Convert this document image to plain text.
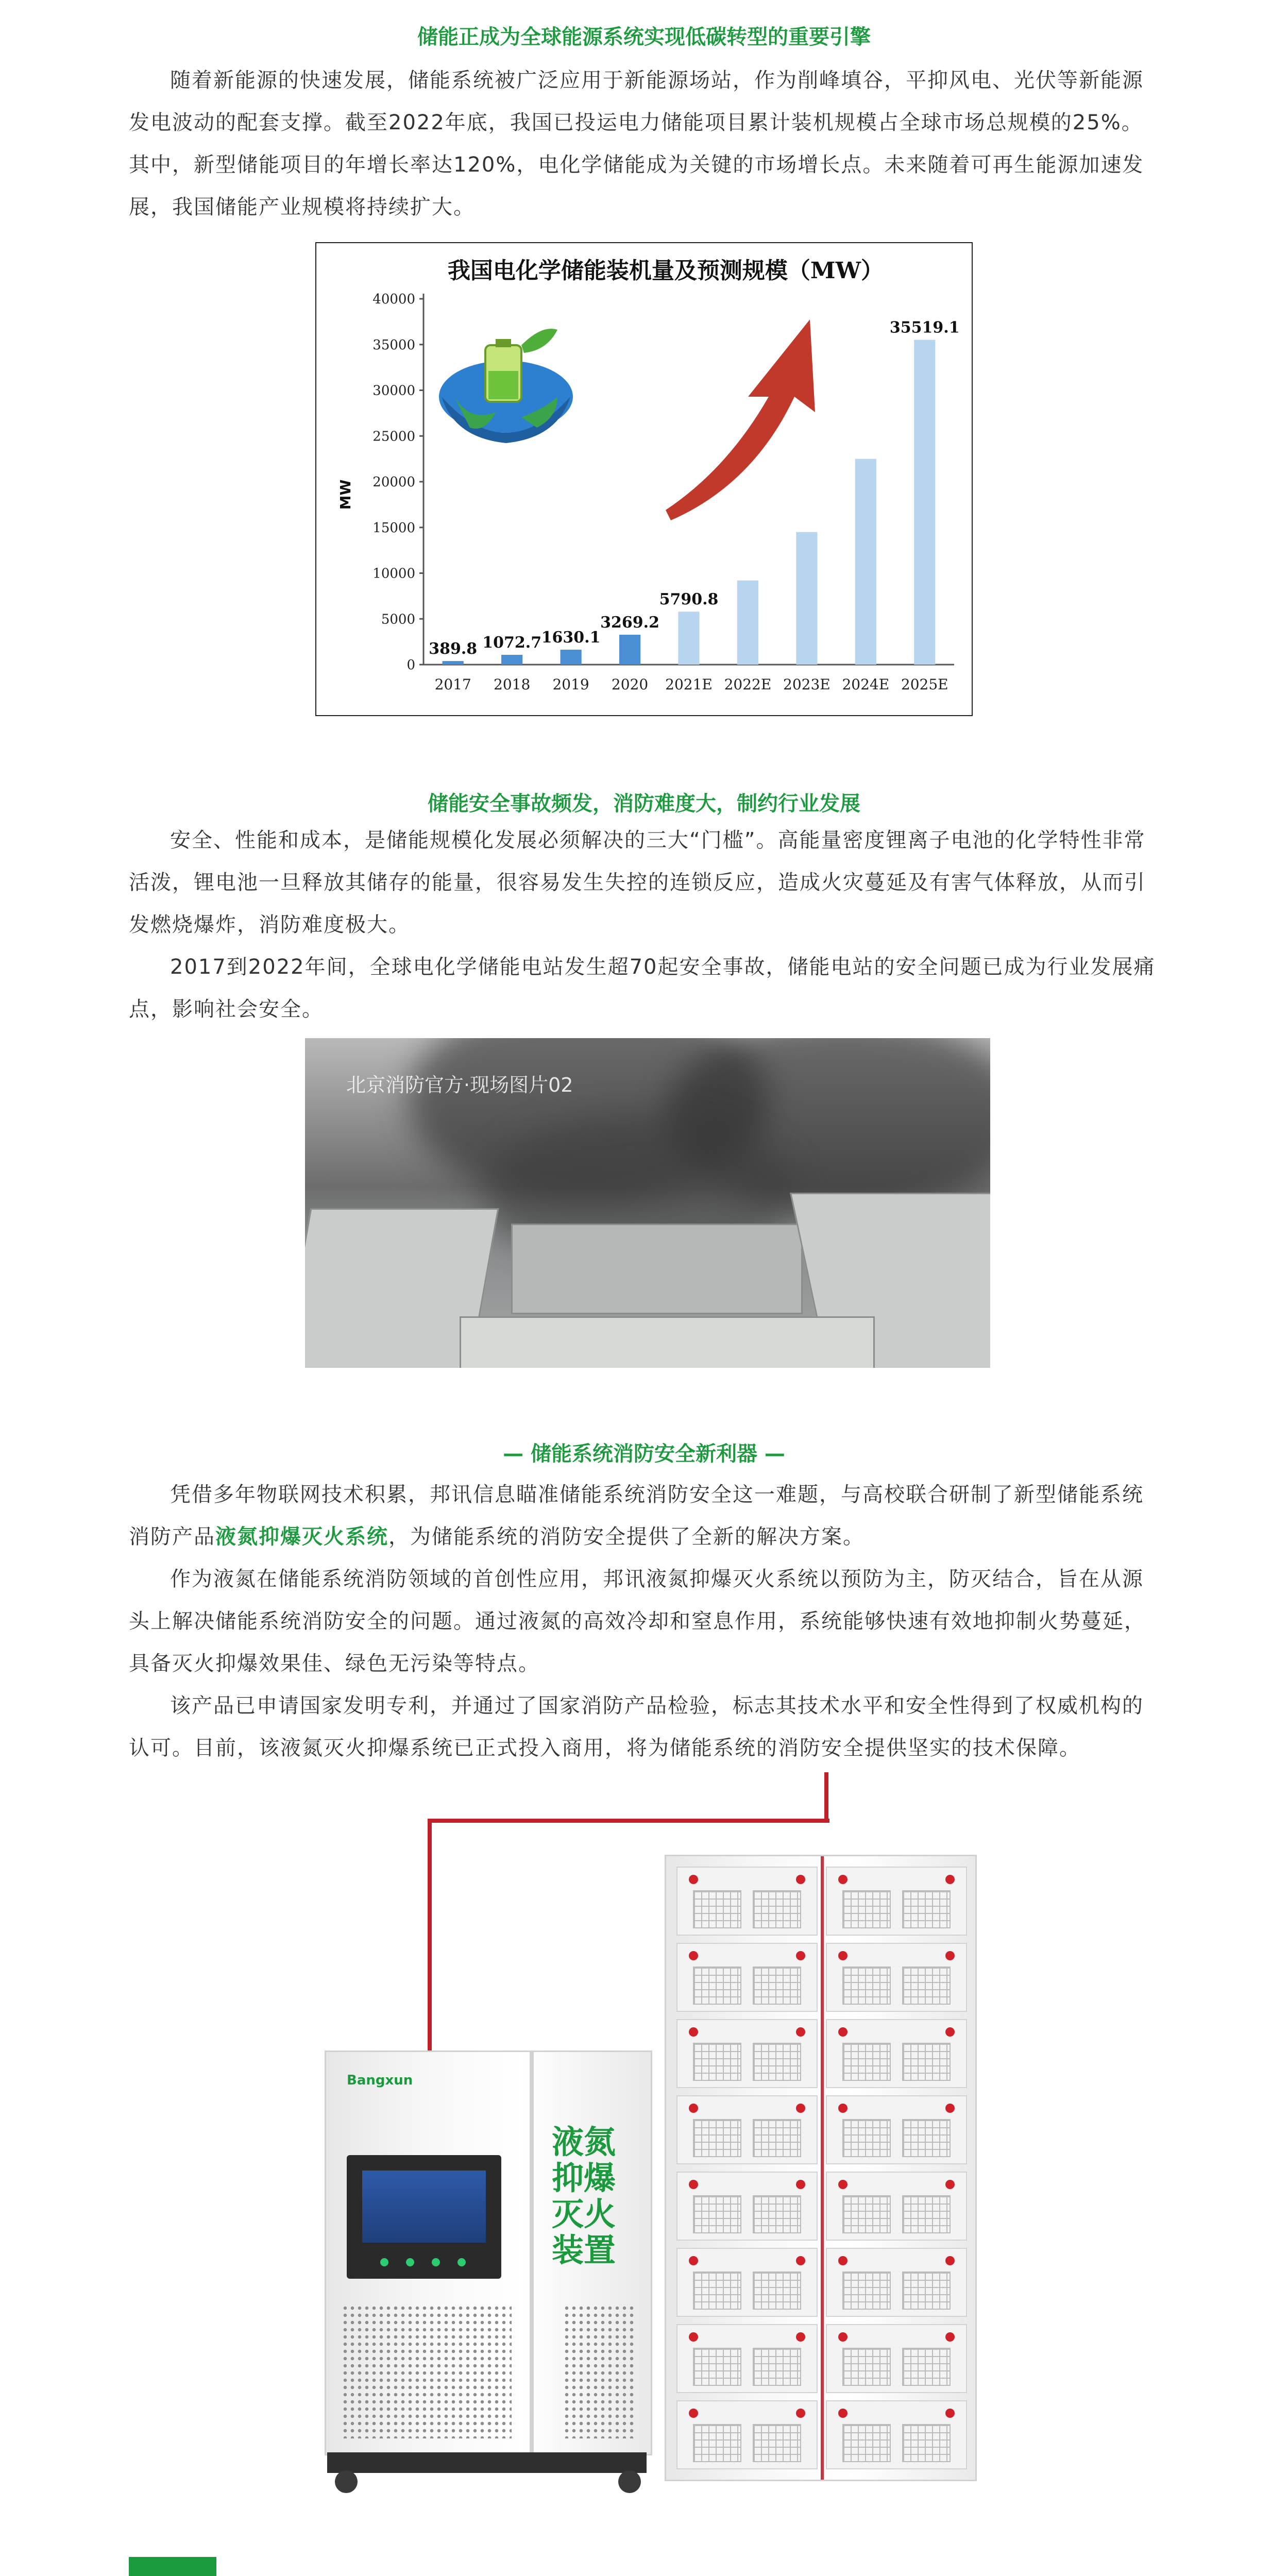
储能正成为全球能源系统实现低碳转型的重要引擎

随着新能源的快速发展，储能系统被广泛应用于新能源场站，作为削峰填谷，平抑风电、光伏等新能源发电波动的配套支撑。截至2022年底，我国已投运电力储能项目累计装机规模占全球市场总规模的25%。其中，新型储能项目的年增长率达120%，电化学储能成为关键的市场增长点。未来随着可再生能源加速发展，我国储能产业规模将持续扩大。

我国电化学储能装机量及预测规模（MW）
MW
0
5000
10000
15000
20000
25000
30000
35000
40000
2017
389.8
2018
1072.7
2019
1630.1
2020
3269.2
2021E
5790.8
2022E 2023E 2024E 2025E
35519.1
储能安全事故频发，消防难度大，制约行业发展

安全、性能和成本，是储能规模化发展必须解决的三大“门槛”。高能量密度锂离子电池的化学特性非常活泼，锂电池一旦释放其储存的能量，很容易发生失控的连锁反应，造成火灾蔓延及有害气体释放，从而引发燃烧爆炸，消防难度极大。

2017到2022年间，全球电化学储能电站发生超70起安全事故，储能电站的安全问题已成为行业发展痛点，影响社会安全。

北京消防官方·现场图片02
— 储能系统消防安全新利器 —

凭借多年物联网技术积累，邦讯信息瞄准储能系统消防安全这一难题，与高校联合研制了新型储能系统消防产品液氮抑爆灭火系统，为储能系统的消防安全提供了全新的解决方案。

作为液氮在储能系统消防领域的首创性应用，邦讯液氮抑爆灭火系统以预防为主，防灭结合，旨在从源头上解决储能系统消防安全的问题。通过液氮的高效冷却和窒息作用，系统能够快速有效地抑制火势蔓延，具备灭火抑爆效果佳、绿色无污染等特点。

该产品已申请国家发明专利，并通过了国家消防产品检验，标志其技术水平和安全性得到了权威机构的认可。目前，该液氮灭火抑爆系统已正式投入商用，将为储能系统的消防安全提供坚实的技术保障。

Bangxun
液氮抑爆灭火装置
